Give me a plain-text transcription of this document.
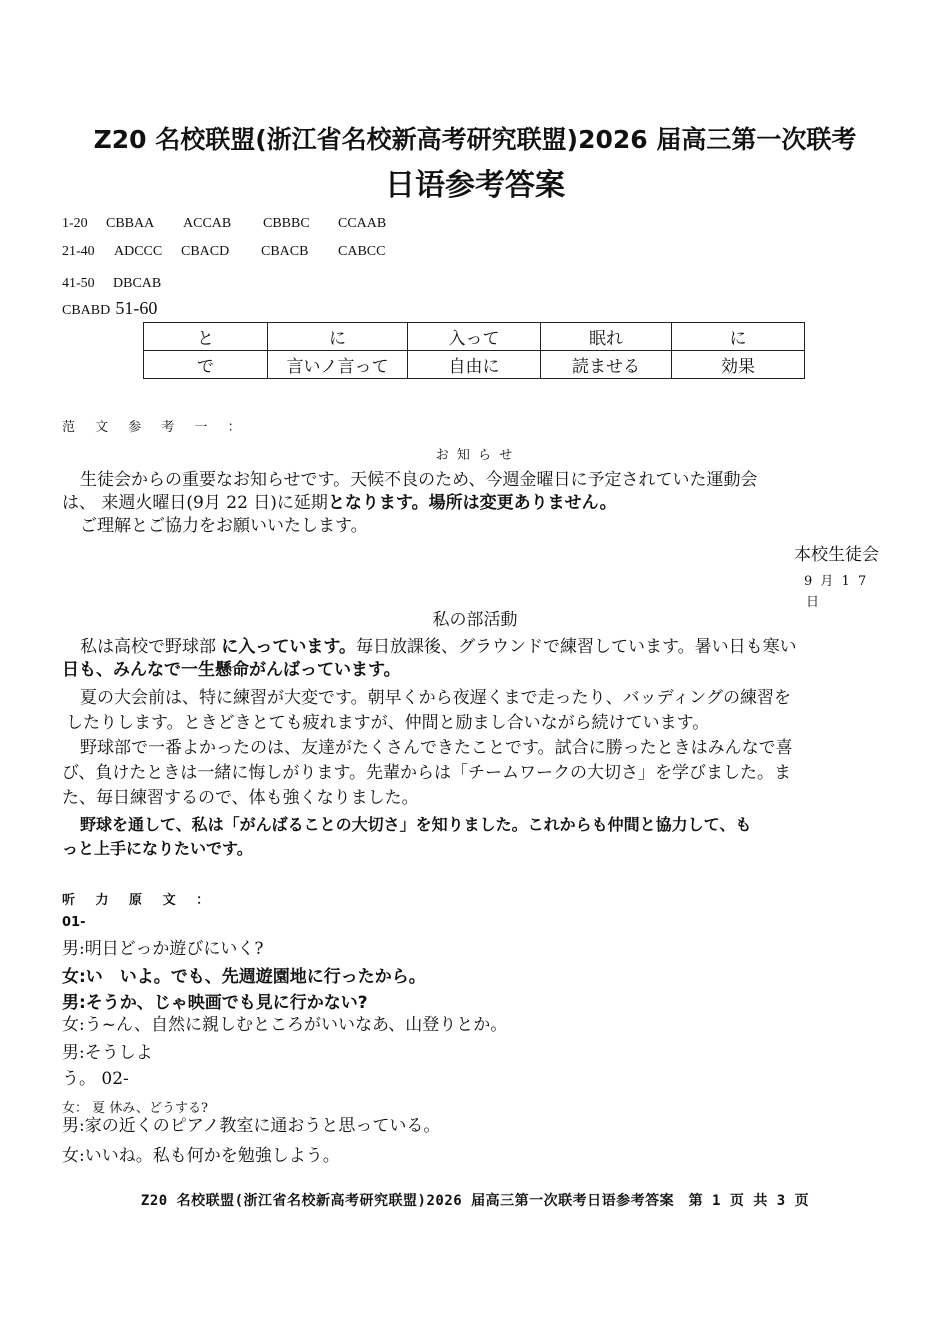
Z20 名校联盟(浙江省名校新高考研究联盟)2026 届高三第一次联考
日语参考答案
1-20 CBBAA ACCAB CBBBC CCAAB
21-40 ADCCC CBACD CBACB CABCC
41-50 DBCAB
CBABD 51-60
と	に	入って	眠れ	に
で	言いノ言って	自由に	読ませる	効果
范 文 参 考 一 ：
お 知 ら せ
生徒会からの重要なお知らせです。天候不良のため、今週金曜日に予定されていた運動会
は、 来週火曜日(9月 22 日)に延期となります。場所は変更ありません。
ご理解とご協力をお願いいたします。
本校生徒会
9 月 1 7
日
私の部活動
私は高校で野球部 に入っています。毎日放課後、グラウンドで練習しています。暑い日も寒い
日も、みんなで一生懸命がんばっています。
夏の大会前は、特に練習が大変です。朝早くから夜遅くまで走ったり、バッディングの練習を
したりします。ときどきとても疲れますが、仲間と励まし合いながら続けています。
野球部で一番よかったのは、友達がたくさんできたことです。試合に勝ったときはみんなで喜
び、負けたときは一緒に悔しがります。先輩からは「チームワークの大切さ」を学びました。ま
た、毎日練習するので、体も強くなりました。
野球を通して、私は「がんばることの大切さ」を知りました。これからも仲間と協力して、も
っと上手になりたいです。
听 力 原 文 ：
01-
男:明日どっか遊びにいく?
女:い　いよ。でも、先週遊園地に行ったから。
男:そうか、じゃ映画でも見に行かない?
女:う~ん、自然に親しむところがいいなあ、山登りとか。
男:そうしよ
う。 02-
女： 夏 休み、どうする?
男:家の近くのピアノ教室に通おうと思っている。
女:いいね。私も何かを勉強しよう。
Z20 名校联盟(浙江省名校新高考研究联盟)2026 届高三第一次联考日语参考答案　第 1 页 共 3 页
